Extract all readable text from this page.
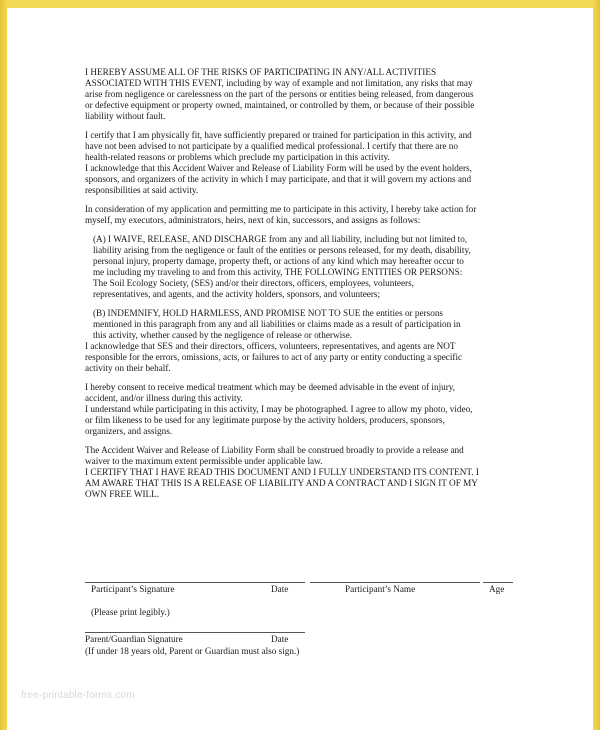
I HEREBY ASSUME ALL OF THE RISKS OF PARTICIPATING IN ANY/ALL ACTIVITIES
ASSOCIATED WITH THIS EVENT, including by way of example and not limitation, any risks that may
arise from negligence or carelessness on the part of the persons or entities being released, from dangerous
or defective equipment or property owned, maintained, or controlled by them, or because of their possible
liability without fault.
I certify that I am physically fit, have sufficiently prepared or trained for participation in this activity, and
have not been advised to not participate by a qualified medical professional. I certify that there are no
health-related reasons or problems which preclude my participation in this activity.
I acknowledge that this Accident Waiver and Release of Liability Form will be used by the event holders,
sponsors, and organizers of the activity in which I may participate, and that it will govern my actions and
responsibilities at said activity.
In consideration of my application and permitting me to participate in this activity, I hereby take action for
myself, my executors, administrators, heirs, next of kin, successors, and assigns as follows:
(A) I WAIVE, RELEASE, AND DISCHARGE from any and all liability, including but not limited to,
liability arising from the negligence or fault of the entities or persons released, for my death, disability,
personal injury, property damage, property theft, or actions of any kind which may hereafter occur to
me including my traveling to and from this activity, THE FOLLOWING ENTITIES OR PERSONS:
The Soil Ecology Society, (SES) and/or their directors, officers, employees, volunteers,
representatives, and agents, and the activity holders, sponsors, and volunteers;
(B) INDEMNIFY, HOLD HARMLESS, AND PROMISE NOT TO SUE the entities or persons
mentioned in this paragraph from any and all liabilities or claims made as a result of participation in
this activity, whether caused by the negligence of release or otherwise.
I acknowledge that SES and their directors, officers, volunteers, representatives, and agents are NOT
responsible for the errors, omissions, acts, or failures to act of any party or entity conducting a specific
activity on their behalf.
I hereby consent to receive medical treatment which may be deemed advisable in the event of injury,
accident, and/or illness during this activity.
I understand while participating in this activity, I may be photographed. I agree to allow my photo, video,
or film likeness to be used for any legitimate purpose by the activity holders, producers, sponsors,
organizers, and assigns.
The Accident Waiver and Release of Liability Form shall be construed broadly to provide a release and
waiver to the maximum extent permissible under applicable law.
I CERTIFY THAT I HAVE READ THIS DOCUMENT AND I FULLY UNDERSTAND ITS CONTENT. I
AM AWARE THAT THIS IS A RELEASE OF LIABILITY AND A CONTRACT AND I SIGN IT OF MY
OWN FREE WILL.
Participant’s Signature	Date	Participant’s Name	Age
(Please print legibly.)
Parent/Guardian Signature	Date
(If under 18 years old, Parent or Guardian must also sign.)
free-printable-forms.com
